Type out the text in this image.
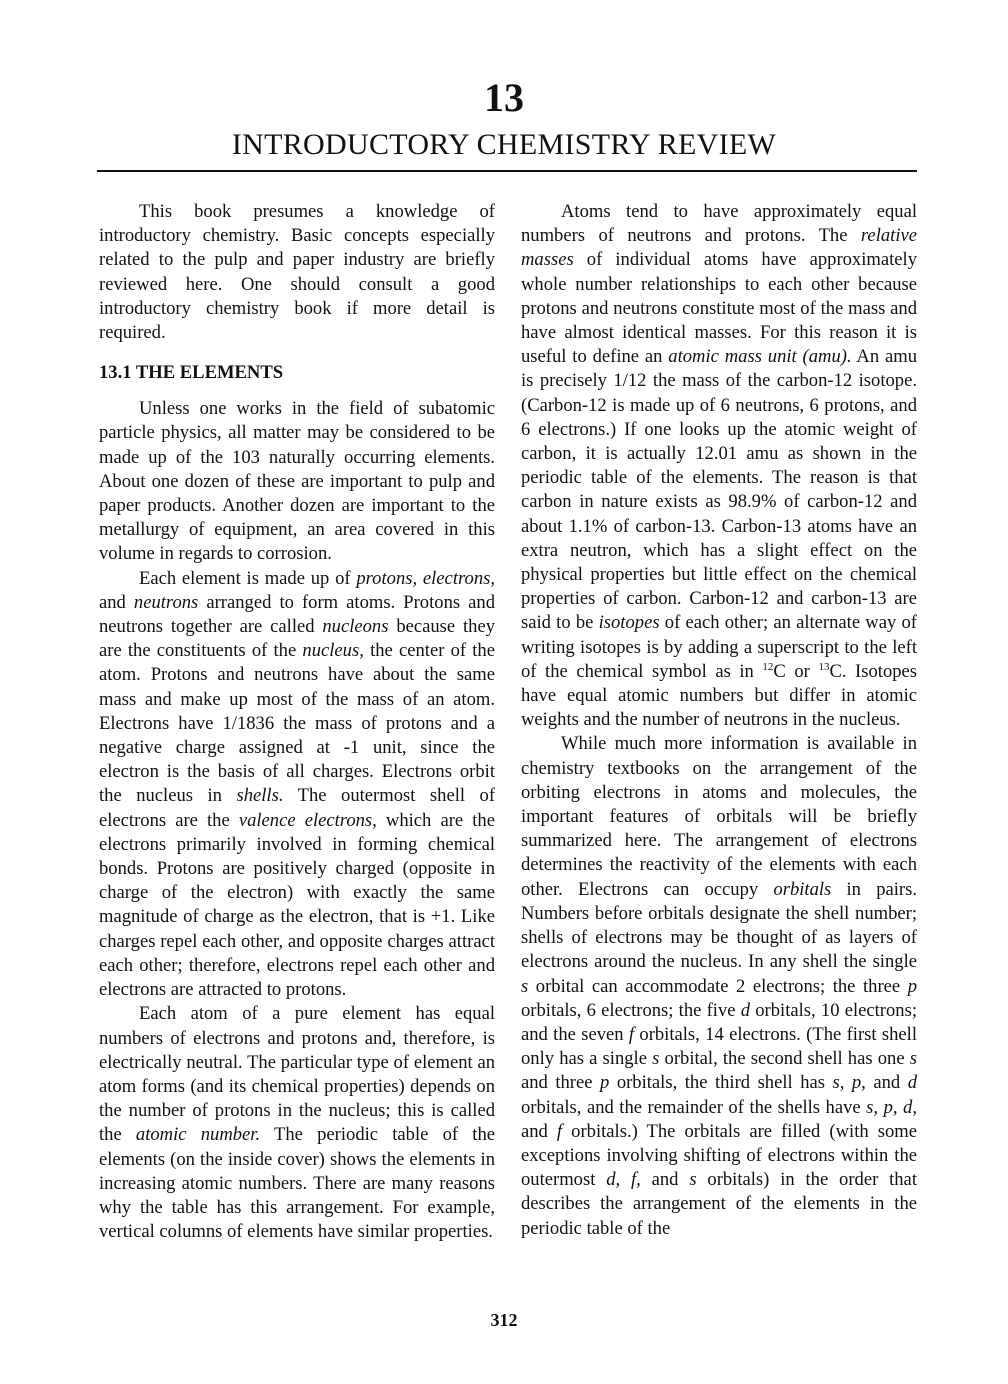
13
INTRODUCTORY CHEMISTRY REVIEW

This book presumes a knowledge of introductory chemistry. Basic concepts especially related to the pulp and paper industry are briefly reviewed here. One should consult a good introductory chemistry book if more detail is required.

13.1 THE ELEMENTS

Unless one works in the field of subatomic particle physics, all matter may be considered to be made up of the 103 naturally occurring elements. About one dozen of these are important to pulp and paper products. Another dozen are important to the metallurgy of equipment, an area covered in this volume in regards to corrosion.

Each element is made up of protons, electrons, and neutrons arranged to form atoms. Protons and neutrons together are called nucleons because they are the constituents of the nucleus, the center of the atom. Protons and neutrons have about the same mass and make up most of the mass of an atom. Electrons have 1/1836 the mass of protons and a negative charge assigned at -1 unit, since the electron is the basis of all charges. Electrons orbit the nucleus in shells. The outermost shell of electrons are the valence electrons, which are the electrons primarily involved in forming chemical bonds. Protons are positively charged (opposite in charge of the electron) with exactly the same magnitude of charge as the electron, that is +1. Like charges repel each other, and opposite charges attract each other; therefore, electrons repel each other and electrons are attracted to protons.

Each atom of a pure element has equal numbers of electrons and protons and, therefore, is electrically neutral. The particular type of element an atom forms (and its chemical properties) depends on the number of protons in the nucleus; this is called the atomic number. The periodic table of the elements (on the inside cover) shows the elements in increasing atomic numbers. There are many reasons why the table has this arrangement. For example, vertical columns of elements have similar properties.

Atoms tend to have approximately equal numbers of neutrons and protons. The relative masses of individual atoms have approximately whole number relationships to each other because protons and neutrons constitute most of the mass and have almost identical masses. For this reason it is useful to define an atomic mass unit (amu). An amu is precisely 1/12 the mass of the carbon-12 isotope. (Carbon-12 is made up of 6 neutrons, 6 protons, and 6 electrons.) If one looks up the atomic weight of carbon, it is actually 12.01 amu as shown in the periodic table of the elements. The reason is that carbon in nature exists as 98.9% of carbon-12 and about 1.1% of carbon-13. Carbon-13 atoms have an extra neutron, which has a slight effect on the physical properties but little effect on the chemical properties of carbon. Carbon-12 and carbon-13 are said to be isotopes of each other; an alternate way of writing isotopes is by adding a superscript to the left of the chemical symbol as in $^{12}$C or $^{13}$C. Isotopes have equal atomic numbers but differ in atomic weights and the number of neutrons in the nucleus.

While much more information is available in chemistry textbooks on the arrangement of the orbiting electrons in atoms and molecules, the important features of orbitals will be briefly summarized here. The arrangement of electrons determines the reactivity of the elements with each other. Electrons can occupy orbitals in pairs. Numbers before orbitals designate the shell number; shells of electrons may be thought of as layers of electrons around the nucleus. In any shell the single s orbital can accommodate 2 electrons; the three p orbitals, 6 electrons; the five d orbitals, 10 electrons; and the seven f orbitals, 14 electrons. (The first shell only has a single s orbital, the second shell has one s and three p orbitals, the third shell has s, p, and d orbitals, and the remainder of the shells have s, p, d, and f orbitals.) The orbitals are filled (with some exceptions involving shifting of electrons within the outermost d, f, and s orbitals) in the order that describes the arrangement of the elements in the periodic table of the

312
